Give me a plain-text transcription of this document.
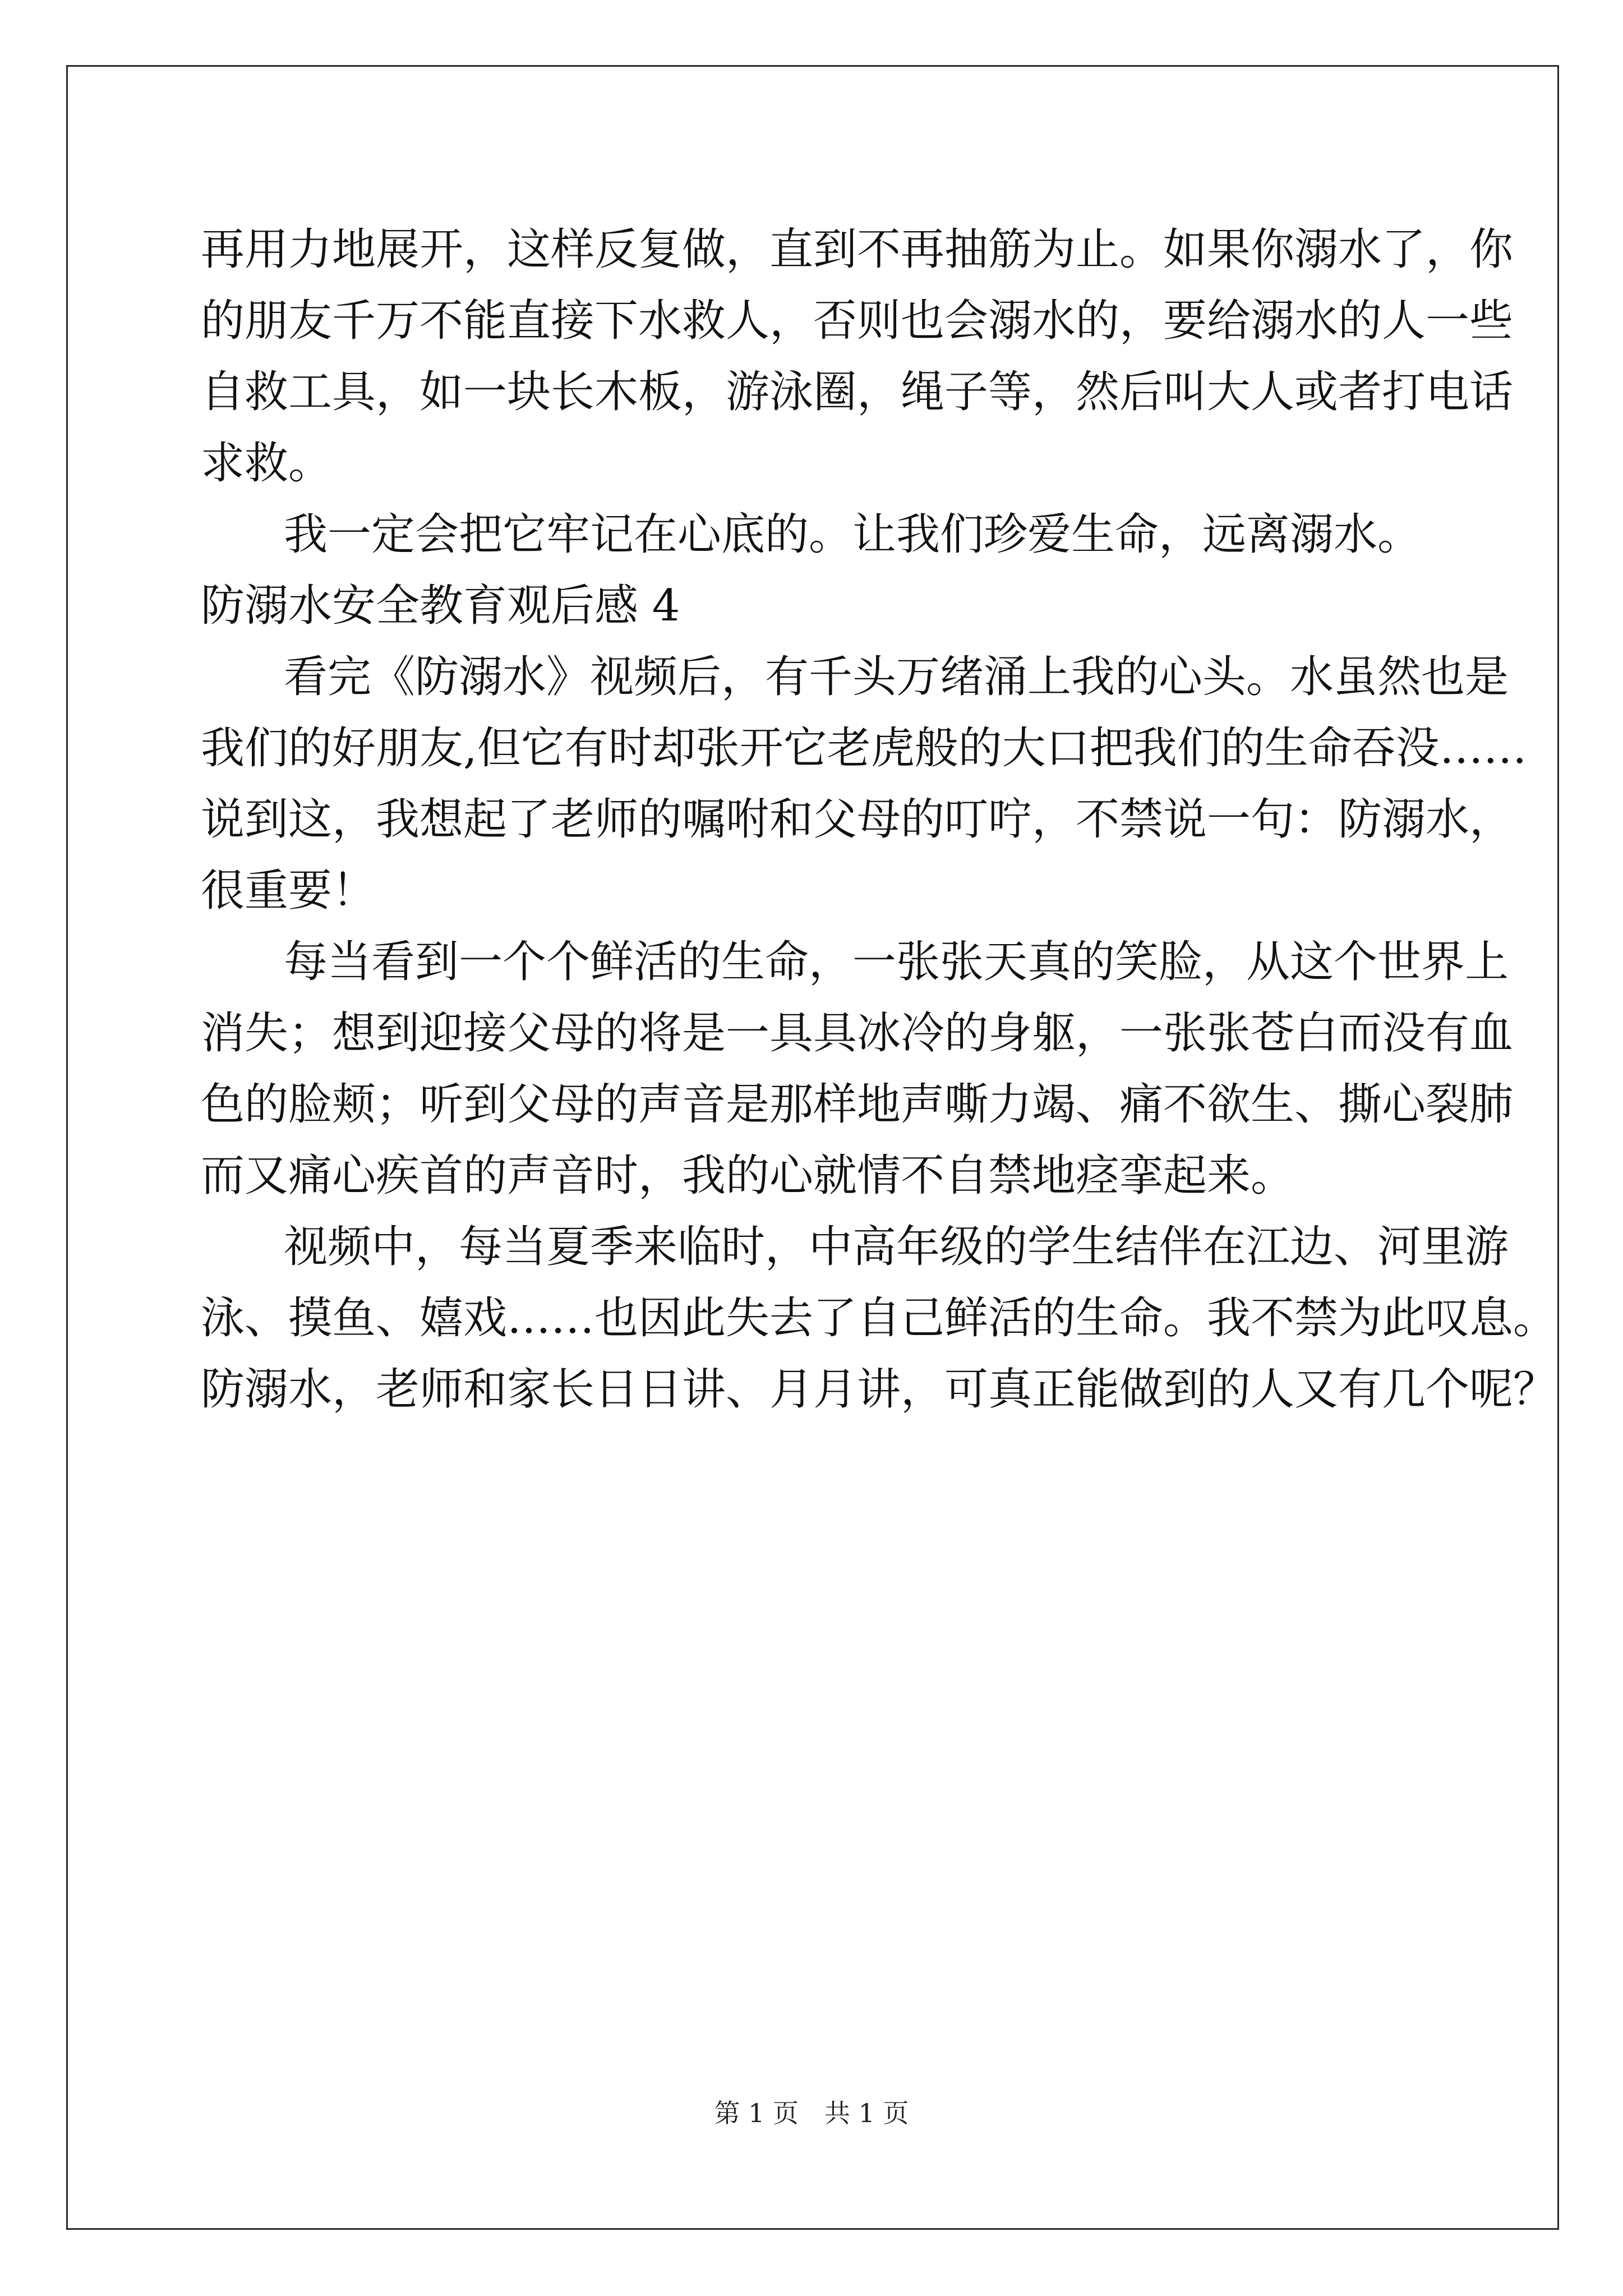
再用力地展开，这样反复做，直到不再抽筋为止。如果你溺水了，你
的朋友千万不能直接下水救人，否则也会溺水的，要给溺水的人一些
自救工具，如一块长木板，游泳圈，绳子等，然后叫大人或者打电话
求救。
我一定会把它牢记在心底的。让我们珍爱生命，远离溺水。
防溺水安全教育观后感 4
看完《防溺水》视频后，有千头万绪涌上我的心头。水虽然也是
我们的好朋友,但它有时却张开它老虎般的大口把我们的生命吞没……
说到这，我想起了老师的嘱咐和父母的叮咛，不禁说一句：防溺水，
很重要！
每当看到一个个鲜活的生命，一张张天真的笑脸，从这个世界上
消失；想到迎接父母的将是一具具冰冷的身躯，一张张苍白而没有血
色的脸颊；听到父母的声音是那样地声嘶力竭、痛不欲生、撕心裂肺
而又痛心疾首的声音时，我的心就情不自禁地痉挛起来。
视频中，每当夏季来临时，中高年级的学生结伴在江边、河里游
泳、摸鱼、嬉戏……也因此失去了自己鲜活的生命。我不禁为此叹息。
防溺水，老师和家长日日讲、月月讲，可真正能做到的人又有几个呢？
第 1 页　共 1 页
